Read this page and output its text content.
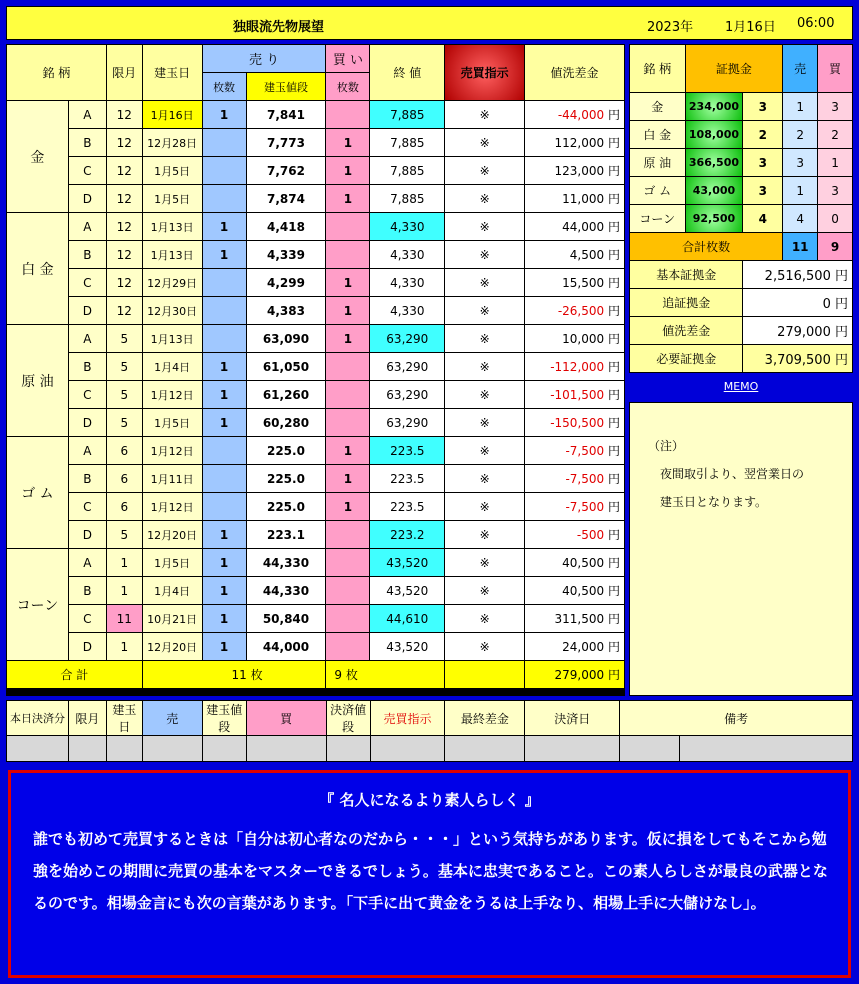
独眼流先物展望	2023年 1月16日 06:00
銘 柄		限月	建玉日	売 り		買 い	終 値	売買指示	値洗差金
				枚数	建玉値段	枚数			
金	A	12	1月16日	1	7,841		7,885	※	-44,000 円
	B	12	12月28日		7,773	1	7,885	※	112,000 円
	C	12	1月5日		7,762	1	7,885	※	123,000 円
	D	12	1月5日		7,874	1	7,885	※	11,000 円
白 金	A	12	1月13日	1	4,418		4,330	※	44,000 円
	B	12	1月13日	1	4,339		4,330	※	4,500 円
	C	12	12月29日		4,299	1	4,330	※	15,500 円
	D	12	12月30日		4,383	1	4,330	※	-26,500 円
原 油	A	5	1月13日		63,090	1	63,290	※	10,000 円
	B	5	1月4日	1	61,050		63,290	※	-112,000 円
	C	5	1月12日	1	61,260		63,290	※	-101,500 円
	D	5	1月5日	1	60,280		63,290	※	-150,500 円
ゴ ム	A	6	1月12日		225.0	1	223.5	※	-7,500 円
	B	6	1月11日		225.0	1	223.5	※	-7,500 円
	C	6	1月12日		225.0	1	223.5	※	-7,500 円
	D	5	12月20日	1	223.1		223.2	※	-500 円
コーン	A	1	1月5日	1	44,330		43,520	※	40,500 円
	B	1	1月4日	1	44,330		43,520	※	40,500 円
	C	11	10月21日	1	50,840		44,610	※	311,500 円
	D	1	12月20日	1	44,000		43,520	※	24,000 円
合 計			11 枚			9 枚			279,000 円
銘 柄	証拠金		売	買
金	234,000	3	1	3
白 金	108,000	2	2	2
原 油	366,500	3	3	1
ゴ ム	43,000	3	1	3
コーン	92,500	4	4	0
合計枚数			11	9
基本証拠金		2,516,500 円		
追証拠金		0 円		
値洗差金		279,000 円		
必要証拠金		3,709,500 円		
MEMO
（注）
夜間取引より、翌営業日の
建玉日となります。
本日決済分	限月	建玉日	売	建玉値段	買	決済値段	売買指示	最終差金	決済日	備考	

『 名人になるより素人らしく 』
誰でも初めて売買するときは「自分は初心者なのだから・・・」という気持ちがあります。仮に損をしてもそこから勉強を始めこの期間に売買の基本をマスターできるでしょう。基本に忠実であること。この素人らしさが最良の武器となるのです。相場金言にも次の言葉があります。「下手に出て黄金をうるは上手なり、相場上手に大儲けなし」。
